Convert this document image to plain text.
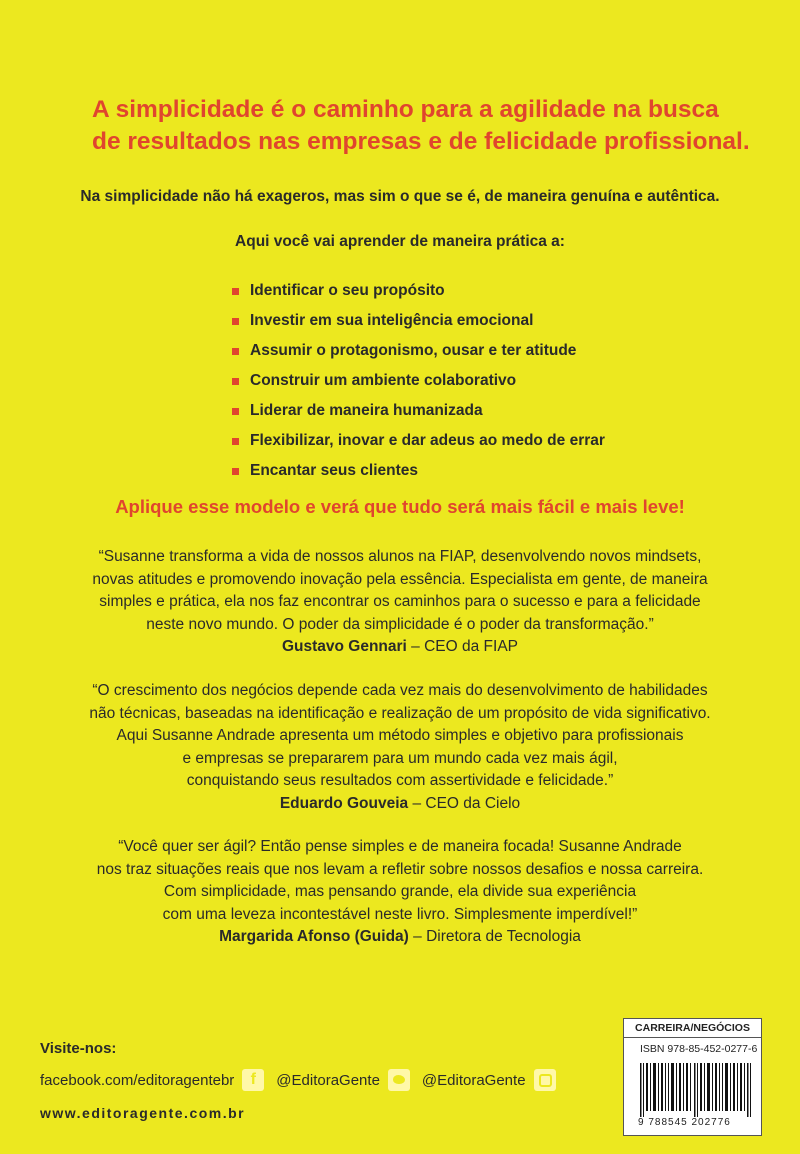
A simplicidade é o caminho para a agilidade na busca
de resultados nas empresas e de felicidade profissional.
Na simplicidade não há exageros, mas sim o que se é, de maneira genuína e autêntica.
Aqui você vai aprender de maneira prática a:
Identificar o seu propósito
Investir em sua inteligência emocional
Assumir o protagonismo, ousar e ter atitude
Construir um ambiente colaborativo
Liderar de maneira humanizada
Flexibilizar, inovar e dar adeus ao medo de errar
Encantar seus clientes
Aplique esse modelo e verá que tudo será mais fácil e mais leve!
“Susanne transforma a vida de nossos alunos na FIAP, desenvolvendo novos mindsets,
novas atitudes e promovendo inovação pela essência. Especialista em gente, de maneira
simples e prática, ela nos faz encontrar os caminhos para o sucesso e para a felicidade
neste novo mundo. O poder da simplicidade é o poder da transformação.”
Gustavo Gennari – CEO da FIAP
“O crescimento dos negócios depende cada vez mais do desenvolvimento de habilidades
não técnicas, baseadas na identificação e realização de um propósito de vida significativo.
Aqui Susanne Andrade apresenta um método simples e objetivo para profissionais
e empresas se prepararem para um mundo cada vez mais ágil,
conquistando seus resultados com assertividade e felicidade.”
Eduardo Gouveia – CEO da Cielo
“Você quer ser ágil? Então pense simples e de maneira focada! Susanne Andrade
nos traz situações reais que nos levam a refletir sobre nossos desafios e nossa carreira.
Com simplicidade, mas pensando grande, ela divide sua experiência
com uma leveza incontestável neste livro. Simplesmente imperdível!”
Margarida Afonso (Guida) – Diretora de Tecnologia
Visite-nos:
facebook.com/editoragentebr	f	@EditoraGente	@EditoraGente
www.editoragente.com.br
CARREIRA/NEGÓCIOS
ISBN 978-85-452-0277-6
9 788545 202776
